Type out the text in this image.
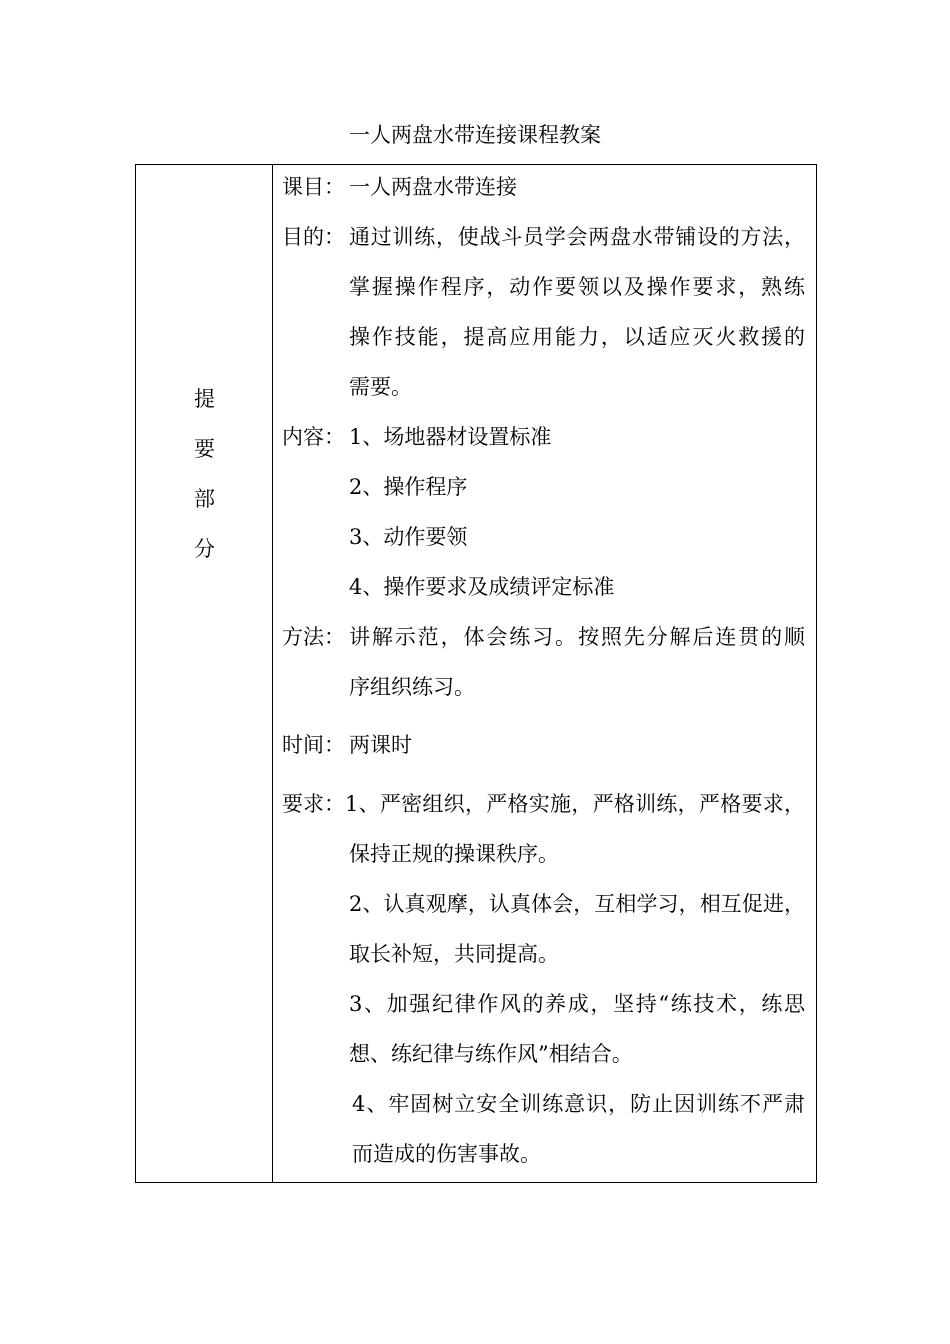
一人两盘水带连接课程教案
提
要
部
分
课目： 一人两盘水带连接
目的： 通过训练，使战斗员学会两盘水带铺设的方法，
掌握操作程序，动作要领以及操作要求，熟练
操作技能，提高应用能力，以适应灭火救援的
需要。
内容： 1、场地器材设置标准
2、操作程序
3、动作要领
4、操作要求及成绩评定标准
方法： 讲解示范，体会练习。按照先分解后连贯的顺
序组织练习。
时间： 两课时
要求： 1、严密组织，严格实施，严格训练，严格要求，
保持正规的操课秩序。
2、认真观摩，认真体会，互相学习，相互促进，
取长补短，共同提高。
3、加强纪律作风的养成，坚持“练技术，练思
想、练纪律与练作风”相结合。
4、牢固树立安全训练意识，防止因训练不严肃
而造成的伤害事故。
